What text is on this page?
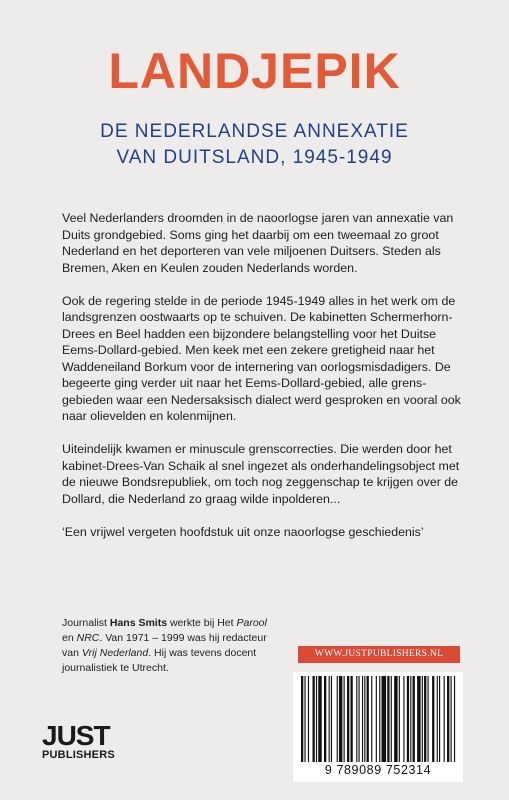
LANDJEPIK
DE NEDERLANDSE ANNEXATIE
VAN DUITSLAND, 1945-1949

Veel Nederlanders droomden in de naoorlogse jaren van annexatie van Duits grondgebied. Soms ging het daarbij om een tweemaal zo groot Nederland en het deporteren van vele miljoenen Duitsers. Steden als Bremen, Aken en Keulen zouden Nederlands worden.

Ook de regering stelde in de periode 1945-1949 alles in het werk om de landsgrenzen oostwaarts op te schuiven. De kabinetten Schermerhorn-Drees en Beel hadden een bijzondere belangstelling voor het Duitse Eems-Dollard-gebied. Men keek met een zekere gretigheid naar het Waddeneiland Borkum voor de internering van oorlogsmisdadigers. De begeerte ging verder uit naar het Eems-Dollard-gebied, alle grensgebieden waar een Nedersaksisch dialect werd gesproken en vooral ook naar olievelden en kolenmijnen.

Uiteindelijk kwamen er minuscule grenscorrecties. Die werden door het kabinet-Drees-Van Schaik al snel ingezet als onderhandelingsobject met de nieuwe Bondsrepubliek, om toch nog zeggenschap te krijgen over de Dollard, die Nederland zo graag wilde inpolderen...

‘Een vrijwel vergeten hoofdstuk uit onze naoorlogse geschiedenis’

Journalist Hans Smits werkte bij Het Parool en NRC. Van 1971 – 1999 was hij redacteur van Vrij Nederland. Hij was tevens docent journalistiek te Utrecht.
WWW.JUSTPUBLISHERS.NL
9 789089 752314
JUST
PUBLISHERS
